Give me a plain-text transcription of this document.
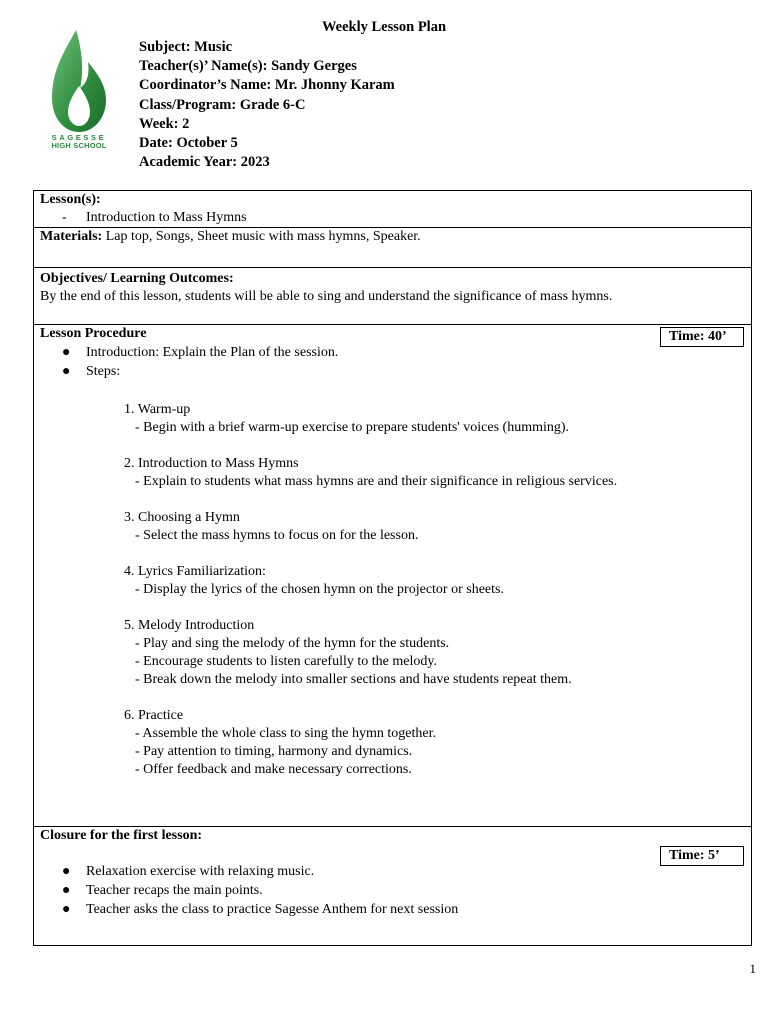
SAGESSE
HIGH SCHOOL
Weekly Lesson Plan
Subject: Music
Teacher(s)’ Name(s): Sandy Gerges
Coordinator’s Name: Mr. Jhonny Karam
Class/Program: Grade 6-C
Week: 2
Date: October 5
Academic Year: 2023
Lesson(s):
- Introduction to Mass Hymns

Materials: Lap top, Songs, Sheet music with mass hymns, Speaker.

Objectives/ Learning Outcomes:
By the end of this lesson, students will be able to sing and understand the significance of mass hymns.

Time: 40’
Lesson Procedure
● Introduction: Explain the Plan of the session.
● Steps:
1. Warm-up
- Begin with a brief warm-up exercise to prepare students' voices (humming).
2. Introduction to Mass Hymns
- Explain to students what mass hymns are and their significance in religious services.
3. Choosing a Hymn
- Select the mass hymns to focus on for the lesson.
4. Lyrics Familiarization:
- Display the lyrics of the chosen hymn on the projector or sheets.
5. Melody Introduction
- Play and sing the melody of the hymn for the students.
- Encourage students to listen carefully to the melody.
- Break down the melody into smaller sections and have students repeat them.
6. Practice
- Assemble the whole class to sing the hymn together.
- Pay attention to timing, harmony and dynamics.
- Offer feedback and make necessary corrections.

Time: 5’
Closure for the first lesson:
● Relaxation exercise with relaxing music.
● Teacher recaps the main points.
● Teacher asks the class to practice Sagesse Anthem for next session
1
